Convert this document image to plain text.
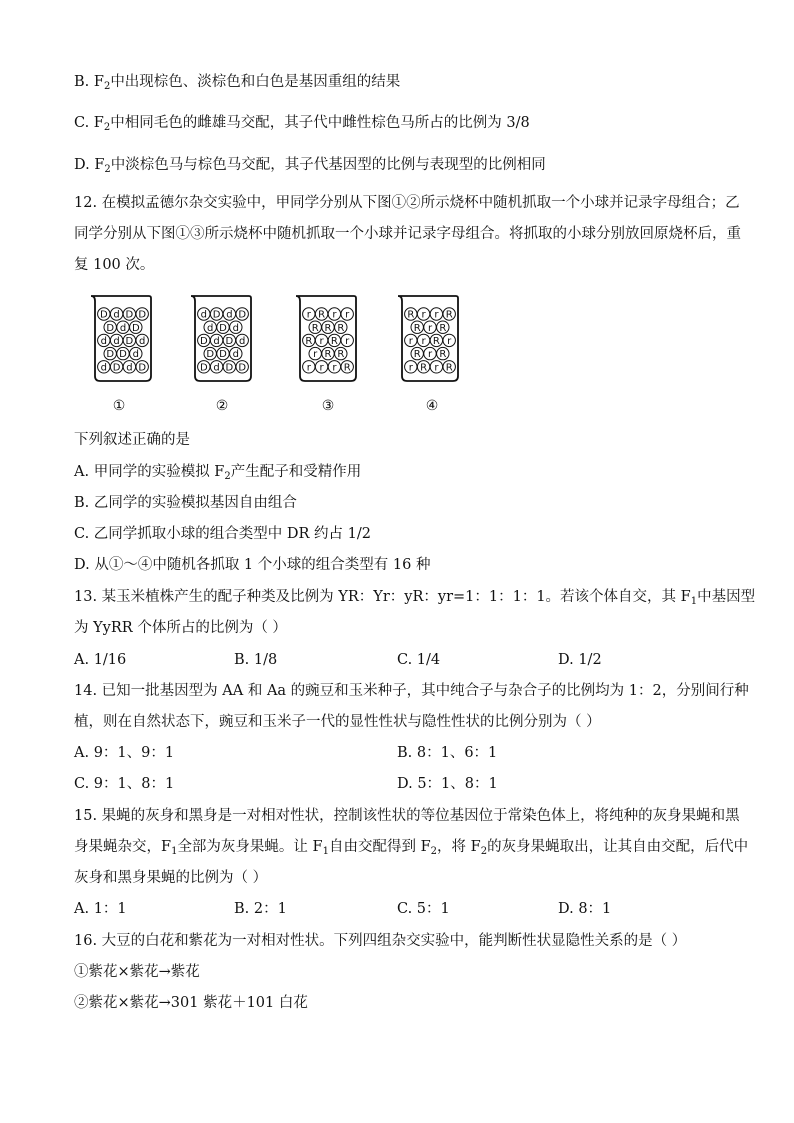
B. $F_2$中出现棕色、淡棕色和白色是基因重组的结果
C. $F_2$中相同毛色的雌雄马交配，其子代中雌性棕色马所占的比例为 3/8
D. $F_2$中淡棕色马与棕色马交配，其子代基因型的比例与表现型的比例相同
12. 在模拟孟德尔杂交实验中，甲同学分别从下图①②所示烧杯中随机抓取一个小球并记录字母组合；乙
同学分别从下图①③所示烧杯中随机抓取一个小球并记录字母组合。将抓取的小球分别放回原烧杯后，重
复 100 次。
D d D D
D d D
d d D d
D D d
d D d D
d D d D
d D d
D d D d
D D d
D d D D
r R r r
R R R
R r R r
r R R
r r r R
R r r R
R r R
r r R r
R r R
r R r R
①	②	③	④
下列叙述正确的是
A. 甲同学的实验模拟 $F_2$产生配子和受精作用
B. 乙同学的实验模拟基因自由组合
C. 乙同学抓取小球的组合类型中 DR 约占 1/2
D. 从①～④中随机各抓取 1 个小球的组合类型有 16 种
13. 某玉米植株产生的配子种类及比例为 YR：Yr：yR：yr=1：1：1：1。若该个体自交，其 $F_1$中基因型
为 YyRR 个体所占的比例为（ ）
A. 1/16	B. 1/8	C. 1/4	D. 1/2
14. 已知一批基因型为 AA 和 Aa 的豌豆和玉米种子，其中纯合子与杂合子的比例均为 1：2，分别间行种
植，则在自然状态下，豌豆和玉米子一代的显性性状与隐性性状的比例分别为（ ）
A. 9：1、9：1	B. 8：1、6：1
C. 9：1、8：1	D. 5：1、8：1
15. 果蝇的灰身和黑身是一对相对性状，控制该性状的等位基因位于常染色体上，将纯种的灰身果蝇和黑
身果蝇杂交，$F_1$全部为灰身果蝇。让 $F_1$自由交配得到 $F_2$，将 $F_2$的灰身果蝇取出，让其自由交配，后代中
灰身和黑身果蝇的比例为（ ）
A. 1：1	B. 2：1	C. 5：1	D. 8：1
16. 大豆的白花和紫花为一对相对性状。下列四组杂交实验中，能判断性状显隐性关系的是（ ）
①紫花×紫花→紫花
②紫花×紫花→301 紫花＋101 白花
